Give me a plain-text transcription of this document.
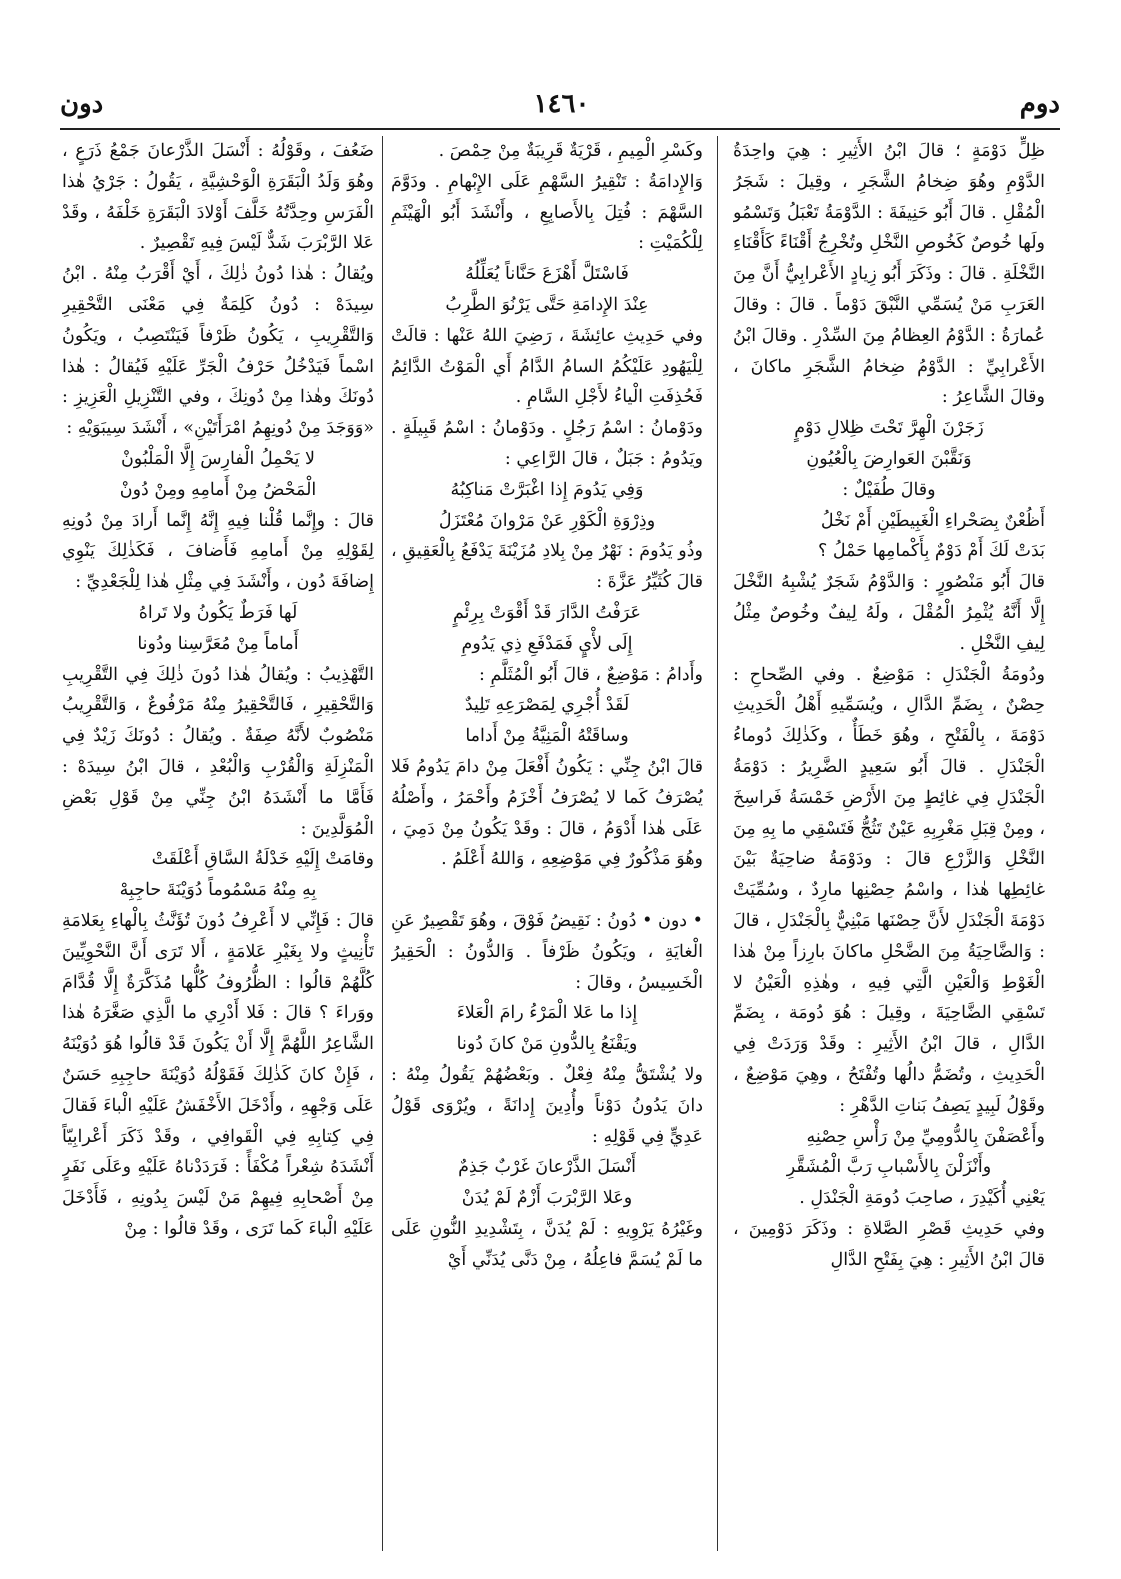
دوم
١٤٦٠
دون

ظِلٍّ دَوْمَةٍ ؛ قالَ ابْنُ الأَثِيرِ : هِيَ واحِدَةُ الدَّوْمِ وهُوَ ضِخامُ الشَّجَرِ ، وقِيلَ : شَجَرُ الْمُقْلِ . قالَ أَبُو حَنِيفَةَ : الدَّوْمَةُ تَعْبَلُ وَتَسْمُو ولَها خُوصٌ كَخُوصِ النَّخْلِ وتُخْرِجُ أَقْنَاءً كَأَقْنَاءِ النَّخْلَةِ . قالَ : وذَكَرَ أَبُو زِيادٍ الأَعْرابِيُّ أَنَّ مِنَ العَرَبِ مَنْ يُسَمِّي النَّبْقَ دَوْماً . قالَ : وقالَ عُمارَةُ : الدَّوْمُ العِظامُ مِنَ السِّدْرِ . وقالَ ابْنُ الأَعْرابِيِّ : الدَّوْمُ ضِخامُ الشَّجَرِ ماكانَ ، وقالَ الشَّاعِرُ :

زَجَرْنَ الْهِرَّ تَحْتَ ظِلالِ دَوْمٍ

وَنَقَّبْنَ العَوارِضَ بِالْعُيُونِ

وقالَ طُفَيْلٌ :

أَظُعْنٌ بِصَحْراءِ الْغَبِيطَيْنِ أَمْ نَخْلُ

بَدَتْ لَكَ أَمْ دَوْمٌ بِأَكْمامِها حَمْلُ ؟

قالَ أَبُو مَنْصُورٍ : وَالدَّوْمُ شَجَرٌ يُشْبِهُ النَّخْلَ إِلَّا أَنَّهُ يُثْمِرُ الْمُقْلَ ، ولَهُ لِيفٌ وخُوصٌ مِثْلُ لِيفِ النَّخْلِ .

ودُومَةُ الْجَنْدَلِ : مَوْضِعٌ . وفي الصِّحاحِ : حِصْنٌ ، بِضَمِّ الدَّالِ ، ويُسَمِّيهِ أَهْلُ الْحَدِيثِ دَوْمَةَ ، بِالْفَتْحِ ، وهُوَ خَطَأٌ ، وكَذٰلِكَ دُوماءُ الْجَنْدَلِ . قالَ أَبُو سَعِيدٍ الضَّرِيرُ : دَوْمَةُ الْجَنْدَلِ فِي غائِطٍ مِنَ الأَرْضِ خَمْسَةُ فَراسِخَ ، ومِنْ قِبَلِ مَغْرِبِهِ عَيْنٌ تَثُجُّ فَتَسْقِي ما بِهِ مِنَ النَّخْلِ وَالزَّرْعِ قالَ : ودَوْمَةُ ضاحِيَةٌ بَيْنَ غائِطِها هٰذا ، واسْمُ حِصْنِها مارِدٌ ، وسُمِّيَتْ دَوْمَةَ الْجَنْدَلِ لأَنَّ حِصْنَها مَبْنِيٌّ بِالْجَنْدَلِ ، قالَ : وَالضَّاحِيَةُ مِنَ الضَّحْلِ ماكانَ بارِزاً مِنْ هٰذا الْغَوْطِ وَالْعَيْنِ الَّتِي فِيهِ ، وهٰذِهِ الْعَيْنُ لا تَسْقِي الضَّاحِيَةَ ، وقِيلَ : هُوَ دُومَة ، بِضَمِّ الدَّالِ ، قالَ ابْنُ الأَثِيرِ : وقَدْ وَرَدَتْ فِي الْحَدِيثِ ، وتُضَمُّ دالُها وتُفْتَحُ ، وهِيَ مَوْضِعٌ ، وقَوْلُ لَبِيدٍ يَصِفُ بَناتِ الدَّهْرِ :

وأَعْصَفْنَ بِالدُّومِيِّ مِنْ رَأْسِ حِصْنِهِ

وأَنْزَلْنَ بِالأَسْبابِ رَبَّ الْمُشَقَّرِ

يَعْنِي أُكَيْدِرَ ، صاحِبَ دُومَةِ الْجَنْدَلِ .

وفي حَدِيثِ قَصْرِ الصَّلاةِ : وذَكَرَ دَوْمِينَ ، قالَ ابْنُ الأَثِيرِ : هِيَ بِفَتْحِ الدَّالِ

وكَسْرِ الْمِيمِ ، قَرْيَةٌ قَرِيبَةٌ مِنْ حِمْصَ .

وَالإِدامَةُ : تَنْقِيرُ السَّهْمِ عَلَى الإِبْهامِ . ودَوَّمَ السَّهْمَ : فُتِلَ بِالأَصابِعِ ، وأَنْشَدَ أَبُو الْهَيْثَمِ لِلْكُمَيْتِ :

فَاسْتَلَّ أَهْزَعَ حَنَّاناً يُعَلِّلُهُ

عِنْدَ الإِدامَةِ حَتَّى يَرْنُوَ الطَّرِبُ

وفي حَدِيثِ عائِشَةَ ، رَضِيَ اللهُ عَنْها : قالَتْ لِلْيَهُودِ عَلَيْكُمُ السامُ الدَّامُ أَي الْمَوْتُ الدَّائِمُ فَحُذِفَتِ الْياءُ لأَجْلِ السَّامِ .

ودَوْمانُ : اسْمُ رَجُلٍ . ودَوْمانُ : اسْمُ قَبِيلَةٍ . ويَدُومُ : جَبَلٌ ، قالَ الرَّاعِي :

وَفِي يَدُومَ إِذا اغْبَرَّتْ مَناكِبُهُ

وذِرْوَةِ الْكَوْرِ عَنْ مَرْوانَ مُعْتَزَلُ

وذُو يَدُومَ : نَهْرٌ مِنْ بِلادِ مُزَيْنَةَ يَدْفَعُ بِالْعَقِيقِ ، قالَ كُثَيِّرُ عَزَّةَ :

عَرَفْتُ الدَّارَ قَدْ أَقْوَتْ بِرِئْمٍ

إِلَى لأْيٍ فَمَدْفَعِ ذِي يَدُومِ

وأَدامُ : مَوْضِعٌ ، قالَ أَبُو الْمُثَلَّمِ :

لَقَدْ أُجْرِي لِمَصْرَعِهِ تَلِيدٌ

وساقَتْهُ الْمَنِيَّةُ مِنْ أَداما

قالَ ابْنُ جِنِّي : يَكُونُ أَفْعَلَ مِنْ دامَ يَدُومُ فَلا يُصْرَفُ كَما لا يُصْرَفُ أَخْزَمُ وأَحْمَرُ ، وأَصْلُهُ عَلَى هٰذا أَدْوَمُ ، قالَ : وقَدْ يَكُونُ مِنْ دَمِيَ ، وهُوَ مَذْكُورٌ فِي مَوْضِعِهِ ، وَاللهُ أَعْلَمُ .

• دون • دُونُ : نَقِيضُ فَوْقَ ، وهُوَ تَقْصِيرٌ عَنِ الْغايَةِ ، ويَكُونُ ظَرْفاً . وَالدُّونُ : الْحَقِيرُ الْخَسِيسُ ، وقالَ :

إِذا ما عَلا الْمَرْءُ رامَ الْعَلاءَ

ويَقْنَعُ بِالدُّونِ مَنْ كانَ دُونا

ولا يُشْتَقُّ مِنْهُ فِعْلٌ . وبَعْضُهُمْ يَقُولُ مِنْهُ : دانَ يَدُونُ دَوْناً وأُدِينَ إِدانَةً ، ويُرْوَى قَوْلُ عَدِيٍّ فِي قَوْلِهِ :

أَنْسَلَ الذَّرْعانَ غَرْبٌ جَذِمٌ

وعَلا الرَّبْرَبَ أَزْمٌ لَمْ يُدَنْ

وغَيْرُهُ يَرْوِيهِ : لَمْ يُدَنَّ ، بِتَشْدِيدِ النُّونِ عَلَى ما لَمْ يُسَمَّ فاعِلُهُ ، مِنْ دَنَّى يُدَنِّي أَيْ

ضَعُفَ ، وقَوْلُهُ : أَنْسَلَ الذَّرْعانَ جَمْعُ ذَرَعٍ ، وهُوَ وَلَدُ الْبَقَرَةِ الْوَحْشِيَّةِ ، يَقُولُ : جَرْيُ هٰذا الْفَرَسِ وحِدَّتُهُ خَلَّفَ أَوْلادَ الْبَقَرَةِ خَلْفَهُ ، وقَدْ عَلا الرَّبْرَبَ شَدٌّ لَيْسَ فِيهِ تَقْصِيرٌ .

ويُقالُ : هٰذا دُونُ ذٰلِكَ ، أَيْ أَقْرَبُ مِنْهُ . ابْنُ سِيدَهْ : دُونُ كَلِمَةٌ فِي مَعْنَى التَّحْقِيرِ وَالتَّقْرِيبِ ، يَكُونُ ظَرْفاً فَيَنْتَصِبُ ، ويَكُونُ اسْماً فَيَدْخُلُ حَرْفُ الْجَرِّ عَلَيْهِ فَيُقالُ : هٰذا دُونَكَ وهٰذا مِنْ دُونِكَ ، وفي التَّنْزِيلِ الْعَزِيزِ : «وَوَجَدَ مِنْ دُونِهِمُ امْرَأَتَيْنِ» ، أَنْشَدَ سِيبَوَيْهِ :

لا يَحْمِلُ الْفارِسَ إِلَّا الْمَلْبُونْ

الْمَحْضُ مِنْ أَمامِهِ ومِنْ دُونْ

قالَ : وإِنَّما قُلْنا فِيهِ إِنَّهُ إِنَّما أَرادَ مِنْ دُونِهِ لِقَوْلِهِ مِنْ أَمامِهِ فَأَضافَ ، فَكَذٰلِكَ يَنْوِي إِضافَةَ دُون ، وأَنْشَدَ فِي مِثْلِ هٰذا لِلْجَعْدِيِّ :

لَها فَرَطٌ يَكُونُ ولا تَراهُ

أَماماً مِنْ مُعَرَّسِنا ودُونا

التَّهْذِيبُ : ويُقالُ هٰذا دُونَ ذٰلِكَ فِي التَّقْرِيبِ وَالتَّحْقِيرِ ، فَالتَّحْقِيرُ مِنْهُ مَرْفُوعٌ ، وَالتَّقْرِيبُ مَنْصُوبٌ لأَنَّهُ صِفَةٌ . ويُقالُ : دُونَكَ زَيْدٌ فِي الْمَنْزِلَةِ وَالْقُرْبِ وَالْبُعْدِ ، قالَ ابْنُ سِيدَهْ : فَأَمَّا ما أَنْشَدَهُ ابْنُ جِنِّي مِنْ قَوْلِ بَعْضِ الْمُوَلَّدِينَ :

وقامَتْ إِلَيْهِ خَدْلَةُ السَّاقِ أَعْلَقَتْ

بِهِ مِنْهُ مَسْمُوماً دُوَيْنَةَ حاجِبِهْ

قالَ : فَإِنِّي لا أَعْرِفُ دُونَ تُؤَنَّثُ بِالْهاءِ بِعَلامَةِ تَأْنِيثٍ ولا بِغَيْرِ عَلامَةٍ ، أَلا تَرَى أَنَّ النَّحْوِيِّينَ كُلَّهُمْ قالُوا : الظُّرُوفُ كُلُّها مُذَكَّرَةٌ إِلَّا قُدَّامَ ووَراءَ ؟ قالَ : فَلا أَدْرِي ما الَّذِي صَغَّرَهُ هٰذا الشَّاعِرُ اللَّهُمَّ إِلَّا أَنْ يَكُونَ قَدْ قالُوا هُوَ دُوَيْنَهُ ، فَإِنْ كانَ كَذٰلِكَ فَقَوْلُهُ دُوَيْنَةَ حاجِبِهِ حَسَنٌ عَلَى وَجْهِهِ ، وأَدْخَلَ الأَخْفَشُ عَلَيْهِ الْباءَ فَقالَ فِي كِتابِهِ فِي الْقَوافِي ، وقَدْ ذَكَرَ أَعْرابِيّاً أَنْشَدَهُ شِعْراً مُكْفَأً : فَرَدَدْناهُ عَلَيْهِ وعَلَى نَفَرٍ مِنْ أَصْحابِهِ فِيهِمْ مَنْ لَيْسَ بِدُونِهِ ، فَأَدْخَلَ عَلَيْهِ الْباءَ كَما تَرَى ، وقَدْ قالُوا : مِنْ
